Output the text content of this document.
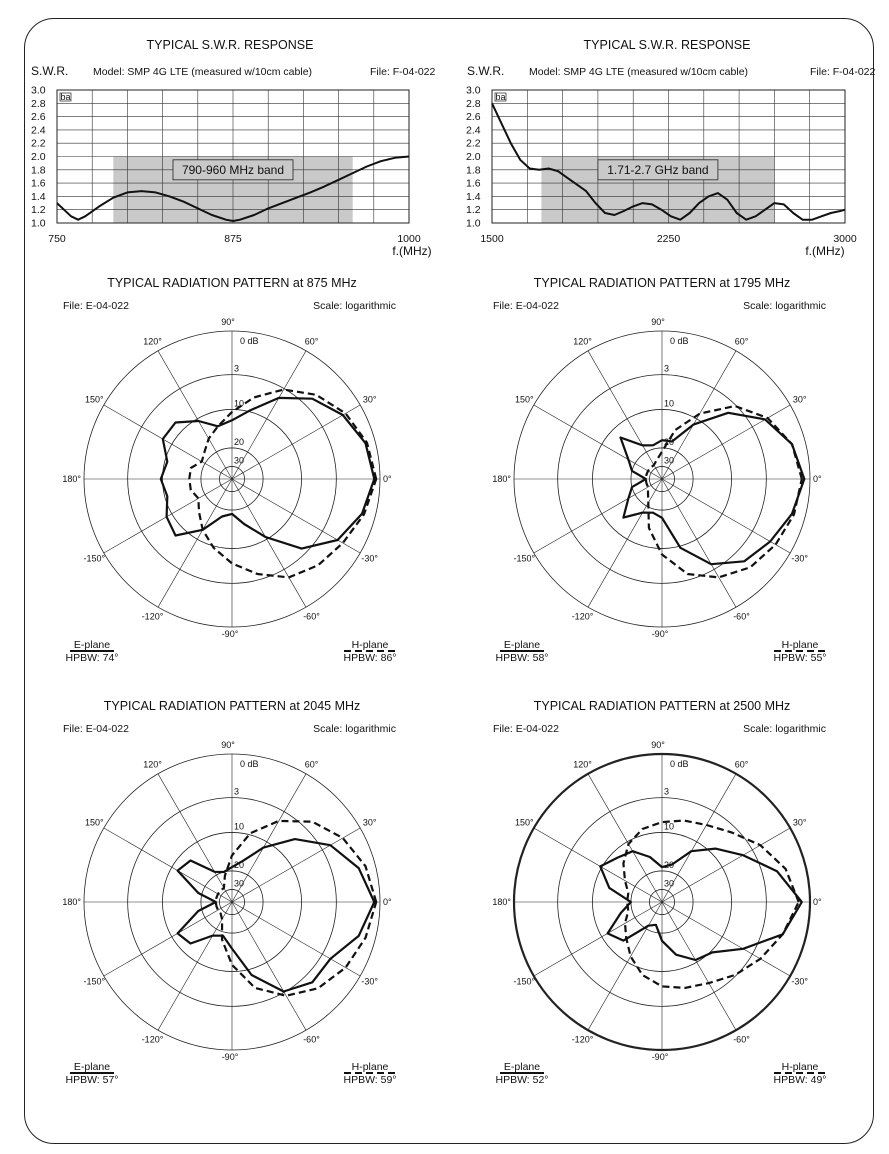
TYPICAL S.W.R. RESPONSE
S.W.R. Model: SMP 4G LTE (measured w/10cm cable)	File: F-04-022
3.0
2.8
2.6
2.4
2.2
2.0
1.8
1.6
1.4
1.2
1.0
ba
790-960 MHz band
750	875	1000
f.(MHz)
TYPICAL S.W.R. RESPONSE
S.W.R. Model: SMP 4G LTE (measured w/10cm cable)	File: F-04-022
3.0
2.8
2.6
2.4
2.2
2.0
1.8
1.6
1.4
1.2
1.0
ba
1.71-2.7 GHz band
1500	2250	3000
f.(MHz)
TYPICAL RADIATION PATTERN at 875 MHz
File: E-04-022	Scale: logarithmic
0 dB
3
10
20
30
0°
30°
60°
90°
120°
150°
180°
-150°
-120°
-90°
-60°
-30°
E-plane
HPBW: 74°
H-plane
HPBW: 86°
TYPICAL RADIATION PATTERN at 1795 MHz
File: E-04-022	Scale: logarithmic
0 dB
3
10
20
30
0°
30°
60°
90°
120°
150°
180°
-150°
-120°
-90°
-60°
-30°
E-plane
HPBW: 58°
H-plane
HPBW: 55°
TYPICAL RADIATION PATTERN at 2045 MHz
File: E-04-022	Scale: logarithmic
0 dB
3
10
20
30
0°
30°
60°
90°
120°
150°
180°
-150°
-120°
-90°
-60°
-30°
E-plane
HPBW: 57°
H-plane
HPBW: 59°
TYPICAL RADIATION PATTERN at 2500 MHz
File: E-04-022	Scale: logarithmic
0 dB
3
10
20
30
0°
30°
60°
90°
120°
150°
180°
-150°
-120°
-90°
-60°
-30°
E-plane
HPBW: 52°
H-plane
HPBW: 49°
